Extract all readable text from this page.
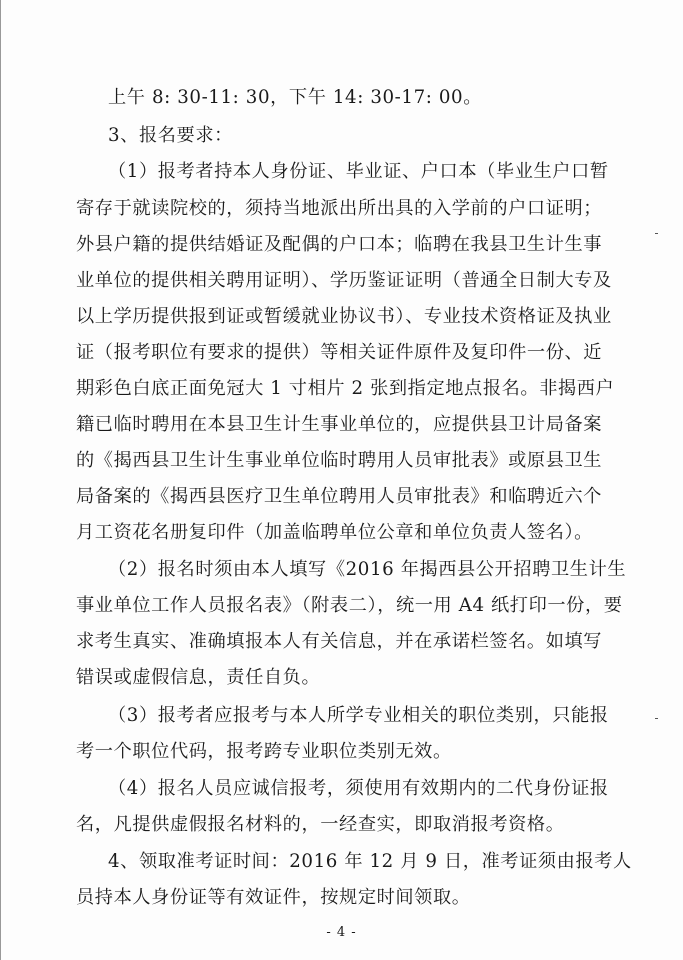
上午 8: 30-11: 30，下午 14: 30-17: 00。
3、报名要求：
（1）报考者持本人身份证、毕业证、户口本（毕业生户口暂
寄存于就读院校的，须持当地派出所出具的入学前的户口证明；
外县户籍的提供结婚证及配偶的户口本；临聘在我县卫生计生事
业单位的提供相关聘用证明）、学历鉴证证明（普通全日制大专及
以上学历提供报到证或暂缓就业协议书）、专业技术资格证及执业
证（报考职位有要求的提供）等相关证件原件及复印件一份、近
期彩色白底正面免冠大 1 寸相片 2 张到指定地点报名。非揭西户
籍已临时聘用在本县卫生计生事业单位的，应提供县卫计局备案
的《揭西县卫生计生事业单位临时聘用人员审批表》或原县卫生
局备案的《揭西县医疗卫生单位聘用人员审批表》和临聘近六个
月工资花名册复印件（加盖临聘单位公章和单位负责人签名）。
（2）报名时须由本人填写《2016 年揭西县公开招聘卫生计生
事业单位工作人员报名表》（附表二），统一用 A4 纸打印一份，要
求考生真实、准确填报本人有关信息，并在承诺栏签名。如填写
错误或虚假信息，责任自负。
（3）报考者应报考与本人所学专业相关的职位类别，只能报
考一个职位代码，报考跨专业职位类别无效。
（4）报名人员应诚信报考，须使用有效期内的二代身份证报
名，凡提供虚假报名材料的，一经查实，即取消报考资格。
4、领取准考证时间：2016 年 12 月 9 日，准考证须由报考人
员持本人身份证等有效证件，按规定时间领取。
- 4 -
